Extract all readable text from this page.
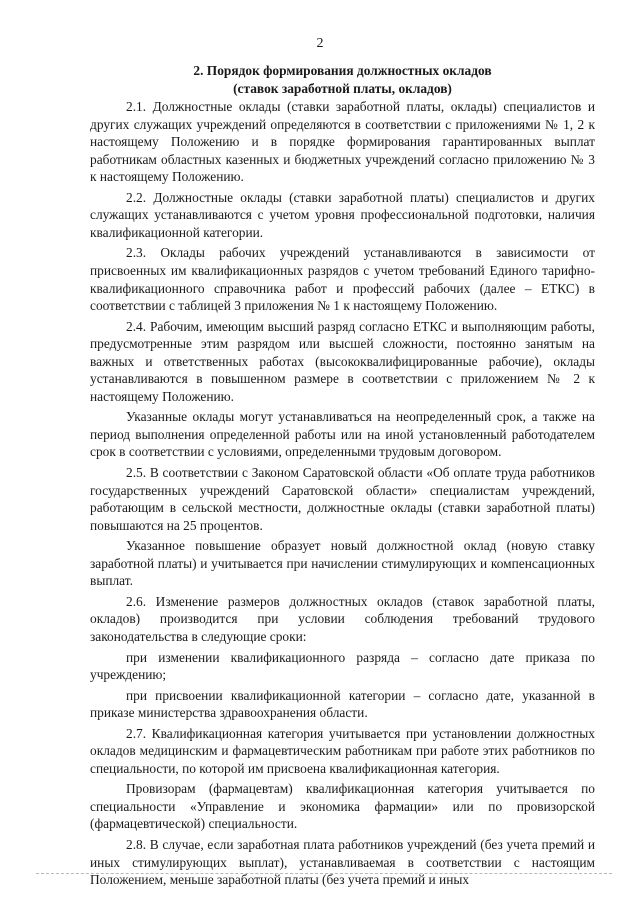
2
2. Порядок формирования должностных окладов
(ставок заработной платы, окладов)

2.1. Должностные оклады (ставки заработной платы, оклады) специалистов и других служащих учреждений определяются в соответствии с приложениями № 1, 2 к настоящему Положению и в порядке формирования гарантированных выплат работникам областных казенных и бюджетных учреждений согласно приложению № 3 к настоящему Положению.

2.2. Должностные оклады (ставки заработной платы) специалистов и других служащих устанавливаются с учетом уровня профессиональной подготовки, наличия квалификационной категории.

2.3. Оклады рабочих учреждений устанавливаются в зависимости от присвоенных им квалификационных разрядов с учетом требований Единого тарифно-квалификационного справочника работ и профессий рабочих (далее – ЕТКС) в соответствии с таблицей 3 приложения № 1 к настоящему Положению.

2.4. Рабочим, имеющим высший разряд согласно ЕТКС и выполняющим работы, предусмотренные этим разрядом или высшей сложности, постоянно занятым на важных и ответственных работах (высококвалифицированные рабочие), оклады устанавливаются в повышенном размере в соответствии с приложением № 2 к настоящему Положению.

Указанные оклады могут устанавливаться на неопределенный срок, а также на период выполнения определенной работы или на иной установленный работодателем срок в соответствии с условиями, определенными трудовым договором.

2.5. В соответствии с Законом Саратовской области «Об оплате труда работников государственных учреждений Саратовской области» специалистам учреждений, работающим в сельской местности, должностные оклады (ставки заработной платы) повышаются на 25 процентов.

Указанное повышение образует новый должностной оклад (новую ставку заработной платы) и учитывается при начислении стимулирующих и компенсационных выплат.

2.6. Изменение размеров должностных окладов (ставок заработной платы, окладов) производится при условии соблюдения требований трудового законодательства в следующие сроки:

при изменении квалификационного разряда – согласно дате приказа по учреждению;

при присвоении квалификационной категории – согласно дате, указанной в приказе министерства здравоохранения области.

2.7. Квалификационная категория учитывается при установлении должностных окладов медицинским и фармацевтическим работникам при работе этих работников по специальности, по которой им присвоена квалификационная категория.

Провизорам (фармацевтам) квалификационная категория учитывается по специальности «Управление и экономика фармации» или по провизорской (фармацевтической) специальности.

2.8. В случае, если заработная плата работников учреждений (без учета премий и иных стимулирующих выплат), устанавливаемая в соответствии с настоящим Положением, меньше заработной платы (без учета премий и иных
